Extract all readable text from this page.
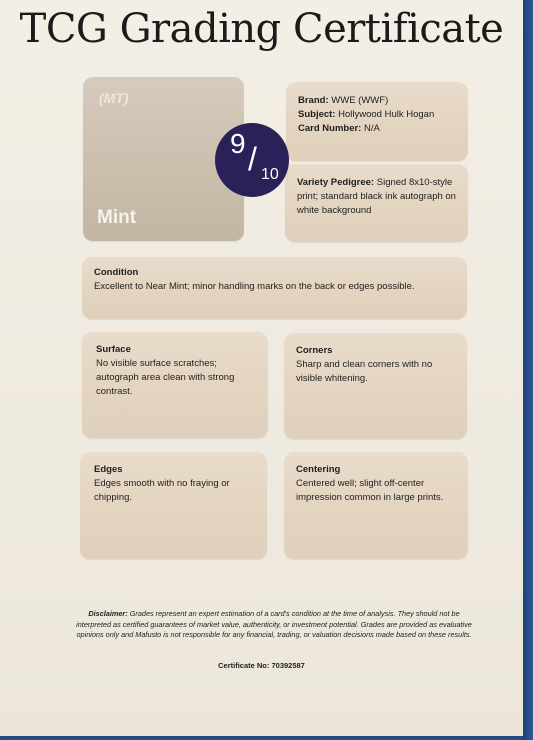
TCG Grading Certificate
(MT)
Mint
9 / 10
Brand: WWE (WWF)
Subject: Hollywood Hulk Hogan
Card Number: N/A
Variety Pedigree: Signed 8x10-style print; standard black ink autograph on white background
Condition
Excellent to Near Mint; minor handling marks on the back or edges possible.
Surface
No visible surface scratches; autograph area clean with strong contrast.
Corners
Sharp and clean corners with no visible whitening.
Edges
Edges smooth with no fraying or chipping.
Centering
Centered well; slight off-center impression common in large prints.
Disclaimer: Grades represent an expert estimation of a card's condition at the time of analysis. They should not be interpreted as certified guarantees of market value, authenticity, or investment potential. Grades are provided as evaluative opinions only and Mafusto is not responsible for any financial, trading, or valuation decisions made based on these results.
Certificate No: 70392587
